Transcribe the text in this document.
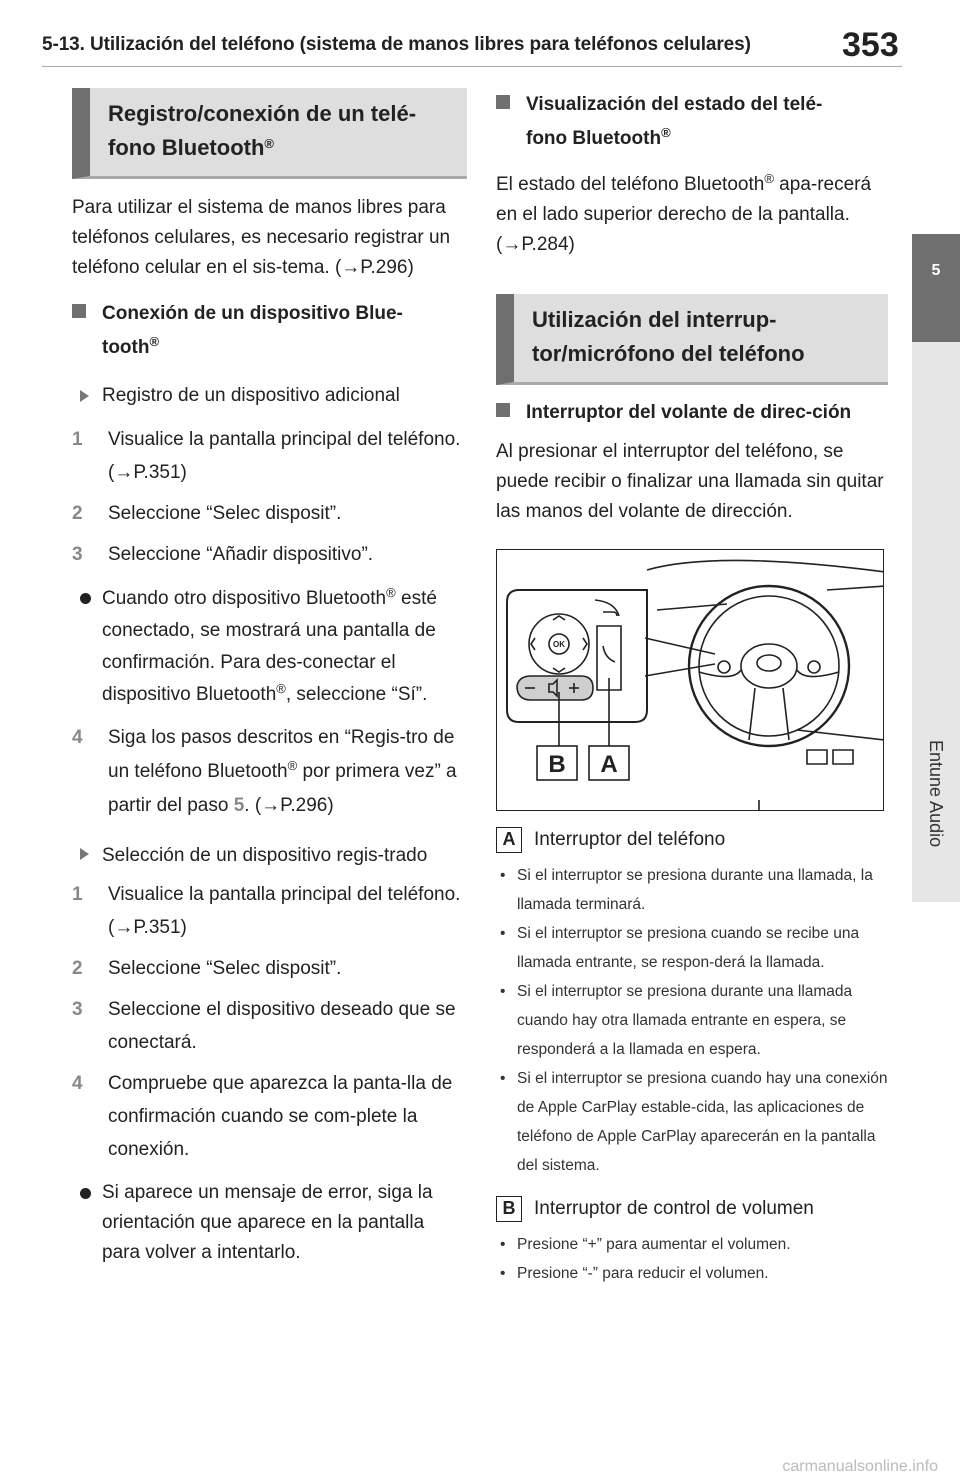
5-13. Utilización del teléfono (sistema de manos libres para teléfonos celulares)	353
5
Entune Audio
Registro/conexión de un telé-
fono Bluetooth®

Para utilizar el sistema de manos libres para teléfonos celulares, es necesario registrar un teléfono celular en el sis-tema. (→P.296)

Conexión de un dispositivo Blue-
tooth®
Registro de un dispositivo adicional
1 Visualice la pantalla principal del teléfono. (→P.351)
2 Seleccione “Selec disposit”.
3 Seleccione “Añadir dispositivo”.
Cuando otro dispositivo Bluetooth® esté conectado, se mostrará una pantalla de confirmación. Para des-conectar el dispositivo Bluetooth®, seleccione “Sí”.
4 Siga los pasos descritos en “Regis-tro de un teléfono Bluetooth® por primera vez” a partir del paso 5. (→P.296)
Selección de un dispositivo regis-trado
1 Visualice la pantalla principal del teléfono. (→P.351)
2 Seleccione “Selec disposit”.
3 Seleccione el dispositivo deseado que se conectará.
4 Compruebe que aparezca la panta-lla de confirmación cuando se com-plete la conexión.
Si aparece un mensaje de error, siga la orientación que aparece en la pantalla para volver a intentarlo.
Visualización del estado del telé-
fono Bluetooth®

El estado del teléfono Bluetooth® apa-recerá en el lado superior derecho de la pantalla. (→P.284)

Utilización del interrup-
tor/micrófono del teléfono
Interruptor del volante de direc-ción

Al presionar el interruptor del teléfono, se puede recibir o finalizar una llamada sin quitar las manos del volante de dirección.

B A
OK
A Interruptor del teléfono
• Si el interruptor se presiona durante una llamada, la llamada terminará.
• Si el interruptor se presiona cuando se recibe una llamada entrante, se respon-derá la llamada.
• Si el interruptor se presiona durante una llamada cuando hay otra llamada entrante en espera, se responderá a la llamada en espera.
• Si el interruptor se presiona cuando hay una conexión de Apple CarPlay estable-cida, las aplicaciones de teléfono de Apple CarPlay aparecerán en la pantalla del sistema.
B Interruptor de control de volumen
• Presione “+” para aumentar el volumen.
• Presione “-” para reducir el volumen.
carmanualsonline.info
